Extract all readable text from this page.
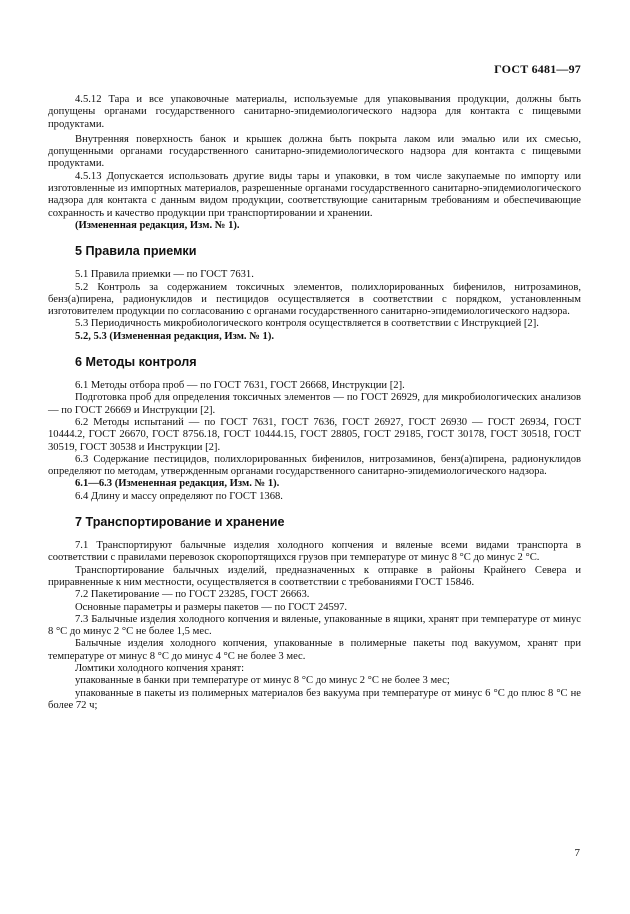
ГОСТ 6481—97

4.5.12 Тара и все упаковочные материалы, используемые для упаковывания продукции, должны быть допущены органами государственного санитарно-эпидемиологического надзора для контакта с пищевыми продуктами.

Внутренняя поверхность банок и крышек должна быть покрыта лаком или эмалью или их смесью, допущенными органами государственного санитарно-эпидемиологического надзора для контакта с пищевыми продуктами.

4.5.13 Допускается использовать другие виды тары и упаковки, в том числе закупаемые по импорту или изготовленные из импортных материалов, разрешенные органами государственного санитарно-эпидемиологического надзора для контакта с данным видом продукции, соответствующие санитарным требованиям и обеспечивающие сохранность и качество продукции при транспортировании и хранении.

(Измененная редакция, Изм. № 1).

5 Правила приемки

5.1 Правила приемки — по ГОСТ 7631.

5.2 Контроль за содержанием токсичных элементов, полихлорированных бифенилов, нитрозаминов, бенз(а)пирена, радионуклидов и пестицидов осуществляется в соответствии с порядком, установленным изготовителем продукции по согласованию с органами государственного санитарно-эпидемиологического надзора.

5.3 Периодичность микробиологического контроля осуществляется в соответствии с Инструкцией [2].

5.2, 5.3 (Измененная редакция, Изм. № 1).

6 Методы контроля

6.1 Методы отбора проб — по ГОСТ 7631, ГОСТ 26668, Инструкции [2].

Подготовка проб для определения токсичных элементов — по ГОСТ 26929, для микробиологических анализов — по ГОСТ 26669 и Инструкции [2].

6.2 Методы испытаний — по ГОСТ 7631, ГОСТ 7636, ГОСТ 26927, ГОСТ 26930 — ГОСТ 26934, ГОСТ 10444.2, ГОСТ 26670, ГОСТ 8756.18, ГОСТ 10444.15, ГОСТ 28805, ГОСТ 29185, ГОСТ 30178, ГОСТ 30518, ГОСТ 30519, ГОСТ 30538 и Инструкции [2].

6.3 Содержание пестицидов, полихлорированных бифенилов, нитрозаминов, бенз(а)пирена, радионуклидов определяют по методам, утвержденным органами государственного санитарно-эпидемиологического надзора.

6.1—6.3 (Измененная редакция, Изм. № 1).

6.4 Длину и массу определяют по ГОСТ 1368.

7 Транспортирование и хранение

7.1 Транспортируют балычные изделия холодного копчения и вяленые всеми видами транспорта в соответствии с правилами перевозок скоропортящихся грузов при температуре от минус 8 °С до минус 2 °С.

Транспортирование балычных изделий, предназначенных к отправке в районы Крайнего Севера и приравненные к ним местности, осуществляется в соответствии с требованиями ГОСТ 15846.

7.2 Пакетирование — по ГОСТ 23285, ГОСТ 26663.

Основные параметры и размеры пакетов — по ГОСТ 24597.

7.3 Балычные изделия холодного копчения и вяленые, упакованные в ящики, хранят при температуре от минус 8 °С до минус 2 °С не более 1,5 мес.

Балычные изделия холодного копчения, упакованные в полимерные пакеты под вакуумом, хранят при температуре от минус 8 °С до минус 4 °С не более 3 мес.

Ломтики холодного копчения хранят:

упакованные в банки при температуре от минус 8 °С до минус 2 °С не более 3 мес;

упакованные в пакеты из полимерных материалов без вакуума при температуре от минус 6 °С до плюс 8 °С не более 72 ч;

7
